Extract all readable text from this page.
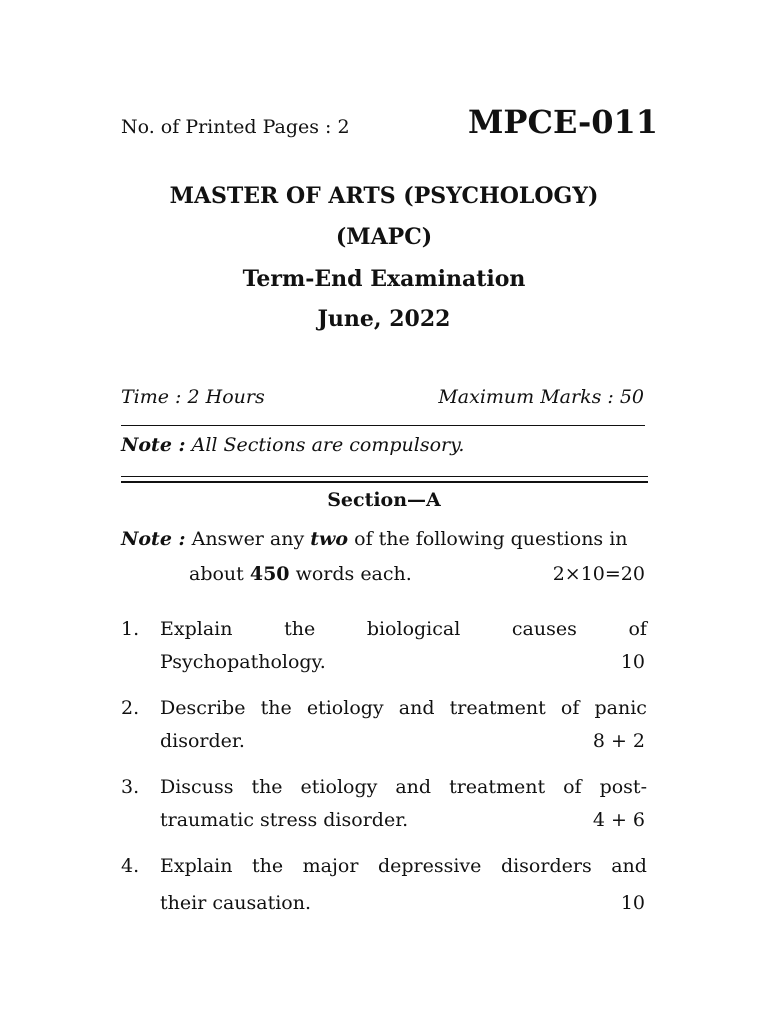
No. of Printed Pages : 2	MPCE-011
MASTER OF ARTS (PSYCHOLOGY)
(MAPC)
Term-End Examination
June, 2022
Time : 2 Hours	Maximum Marks : 50
Note : All Sections are compulsory.
Section—A
Note : Answer any two of the following questions in
about 450 words each.	2×10=20
1. Explain	the	biological	causes	of
Psychopathology.	10
2. Describe the etiology and treatment of panic
disorder.	8 + 2
3. Discuss the etiology and treatment of post-
traumatic stress disorder.	4 + 6
4. Explain the major depressive disorders and
their causation.	10
